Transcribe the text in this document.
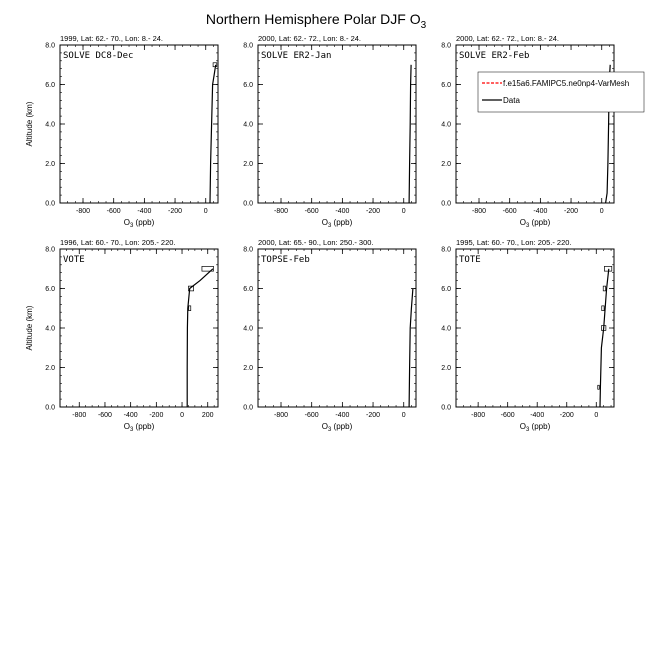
Northern Hemisphere Polar DJF $O_3$
1999, Lat: 62.- 70., Lon: 8.- 24.
-800 -600 -400 -200	0
0.0
2.0
4.0
6.0
8.0
$O_3$ (ppb)
Altitude (km)
SOLVE DC8-Dec
2000, Lat: 62.- 72., Lon: 8.- 24.
-800 -600 -400 -200	0
0.0
2.0
4.0
6.0
8.0
$O_3$ (ppb)
SOLVE ER2-Jan
2000, Lat: 62.- 72., Lon: 8.- 24.
-800 -600 -400 -200	0
0.0
2.0
4.0
6.0
8.0
$O_3$ (ppb)
SOLVE ER2-Feb
f.e15a6.FAMIPC5.ne0np4-VarMesh
Data
1996, Lat: 60.- 70., Lon: 205.- 220.
-800 -600 -400 -200 0	200
0.0
2.0
4.0
6.0
8.0
$O_3$ (ppb)
Altitude (km)
VOTE
2000, Lat: 65.- 90., Lon: 250.- 300.
-800 -600 -400 -200	0
0.0
2.0
4.0
6.0
8.0
$O_3$ (ppb)
TOPSE-Feb
1995, Lat: 60.- 70., Lon: 205.- 220.
-800 -600 -400 -200	0
0.0
2.0
4.0
6.0
8.0
$O_3$ (ppb)
TOTE
